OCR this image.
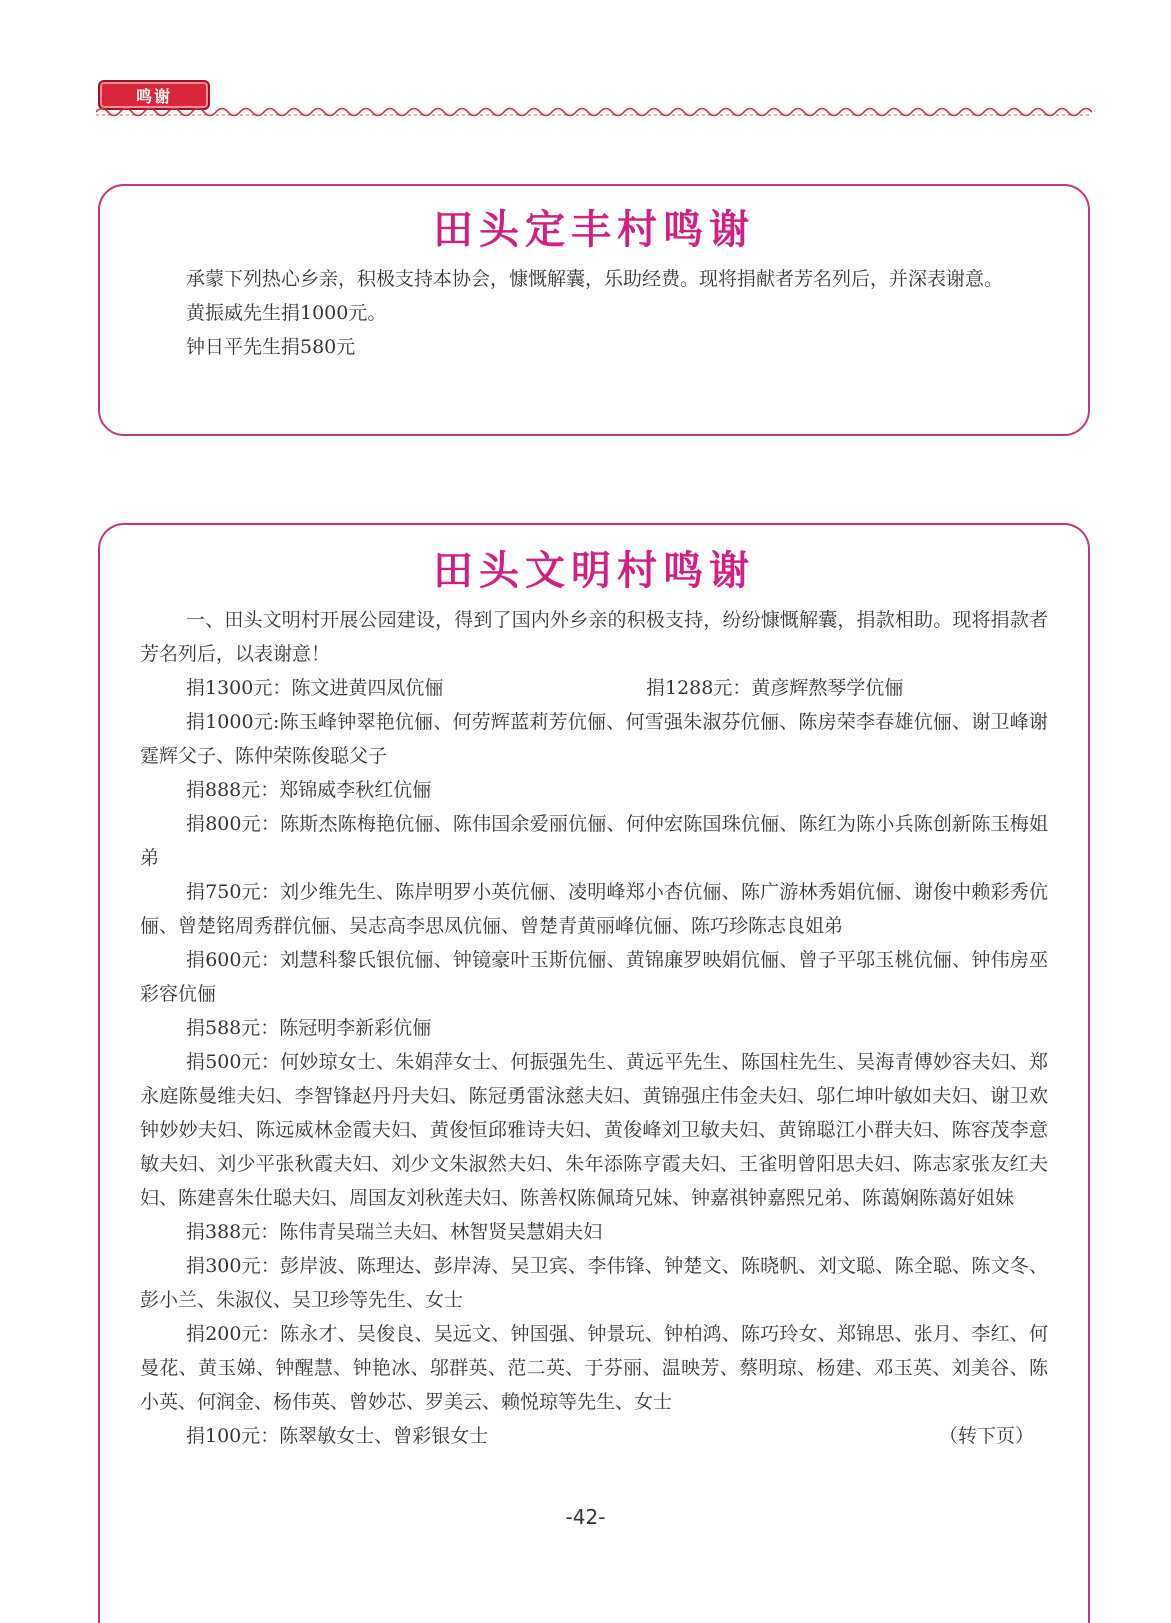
鸣谢
田头定丰村鸣谢

承蒙下列热心乡亲，积极支持本协会，慷慨解囊，乐助经费。现将捐献者芳名列后，并深表谢意。

黄振威先生捐1000元。

钟日平先生捐580元

田头文明村鸣谢

一、田头文明村开展公园建设，得到了国内外乡亲的积极支持，纷纷慷慨解囊，捐款相助。现将捐款者芳名列后，以表谢意！

捐1300元：陈文进黄四凤伉俪	捐1288元：黄彦辉熬琴学伉俪

捐1000元:陈玉峰钟翠艳伉俪、何劳辉蓝莉芳伉俪、何雪强朱淑芬伉俪、陈房荣李春雄伉俪、谢卫峰谢霆辉父子、陈仲荣陈俊聪父子

捐888元：郑锦威李秋红伉俪

捐800元：陈斯杰陈梅艳伉俪、陈伟国余爱丽伉俪、何仲宏陈国珠伉俪、陈红为陈小兵陈创新陈玉梅姐弟

捐750元：刘少维先生、陈岸明罗小英伉俪、凌明峰郑小杏伉俪、陈广游林秀娟伉俪、谢俊中赖彩秀伉俪、曾楚铭周秀群伉俪、吴志高李思凤伉俪、曾楚青黄丽峰伉俪、陈巧珍陈志良姐弟

捐600元：刘慧科黎氏银伉俪、钟镜豪叶玉斯伉俪、黄锦廉罗映娟伉俪、曾子平邬玉桃伉俪、钟伟房巫彩容伉俪

捐588元：陈冠明李新彩伉俪

捐500元：何妙琼女士、朱娟萍女士、何振强先生、黄远平先生、陈国柱先生、吴海青傅妙容夫妇、郑永庭陈曼维夫妇、李智锋赵丹丹夫妇、陈冠勇雷泳慈夫妇、黄锦强庄伟金夫妇、邬仁坤叶敏如夫妇、谢卫欢钟妙妙夫妇、陈远威林金霞夫妇、黄俊恒邱雅诗夫妇、黄俊峰刘卫敏夫妇、黄锦聪江小群夫妇、陈容茂李意敏夫妇、刘少平张秋霞夫妇、刘少文朱淑然夫妇、朱年添陈亨霞夫妇、王雀明曾阳思夫妇、陈志家张友红夫妇、陈建喜朱仕聪夫妇、周国友刘秋莲夫妇、陈善权陈佩琦兄妹、钟嘉祺钟嘉熙兄弟、陈蔼娴陈蔼好姐妹

捐388元：陈伟青吴瑞兰夫妇、林智贤吴慧娟夫妇

捐300元：彭岸波、陈理达、彭岸涛、吴卫宾、李伟锋、钟楚文、陈晓帆、刘文聪、陈全聪、陈文冬、彭小兰、朱淑仪、吴卫珍等先生、女士

捐200元：陈永才、吴俊良、吴远文、钟国强、钟景玩、钟柏鸿、陈巧玲女、郑锦思、张月、李红、何曼花、黄玉娣、钟醒慧、钟艳冰、邬群英、范二英、于芬丽、温映芳、蔡明琼、杨建、邓玉英、刘美谷、陈小英、何润金、杨伟英、曾妙芯、罗美云、赖悦琼等先生、女士

捐100元：陈翠敏女士、曾彩银女士	（转下页）

-42-
